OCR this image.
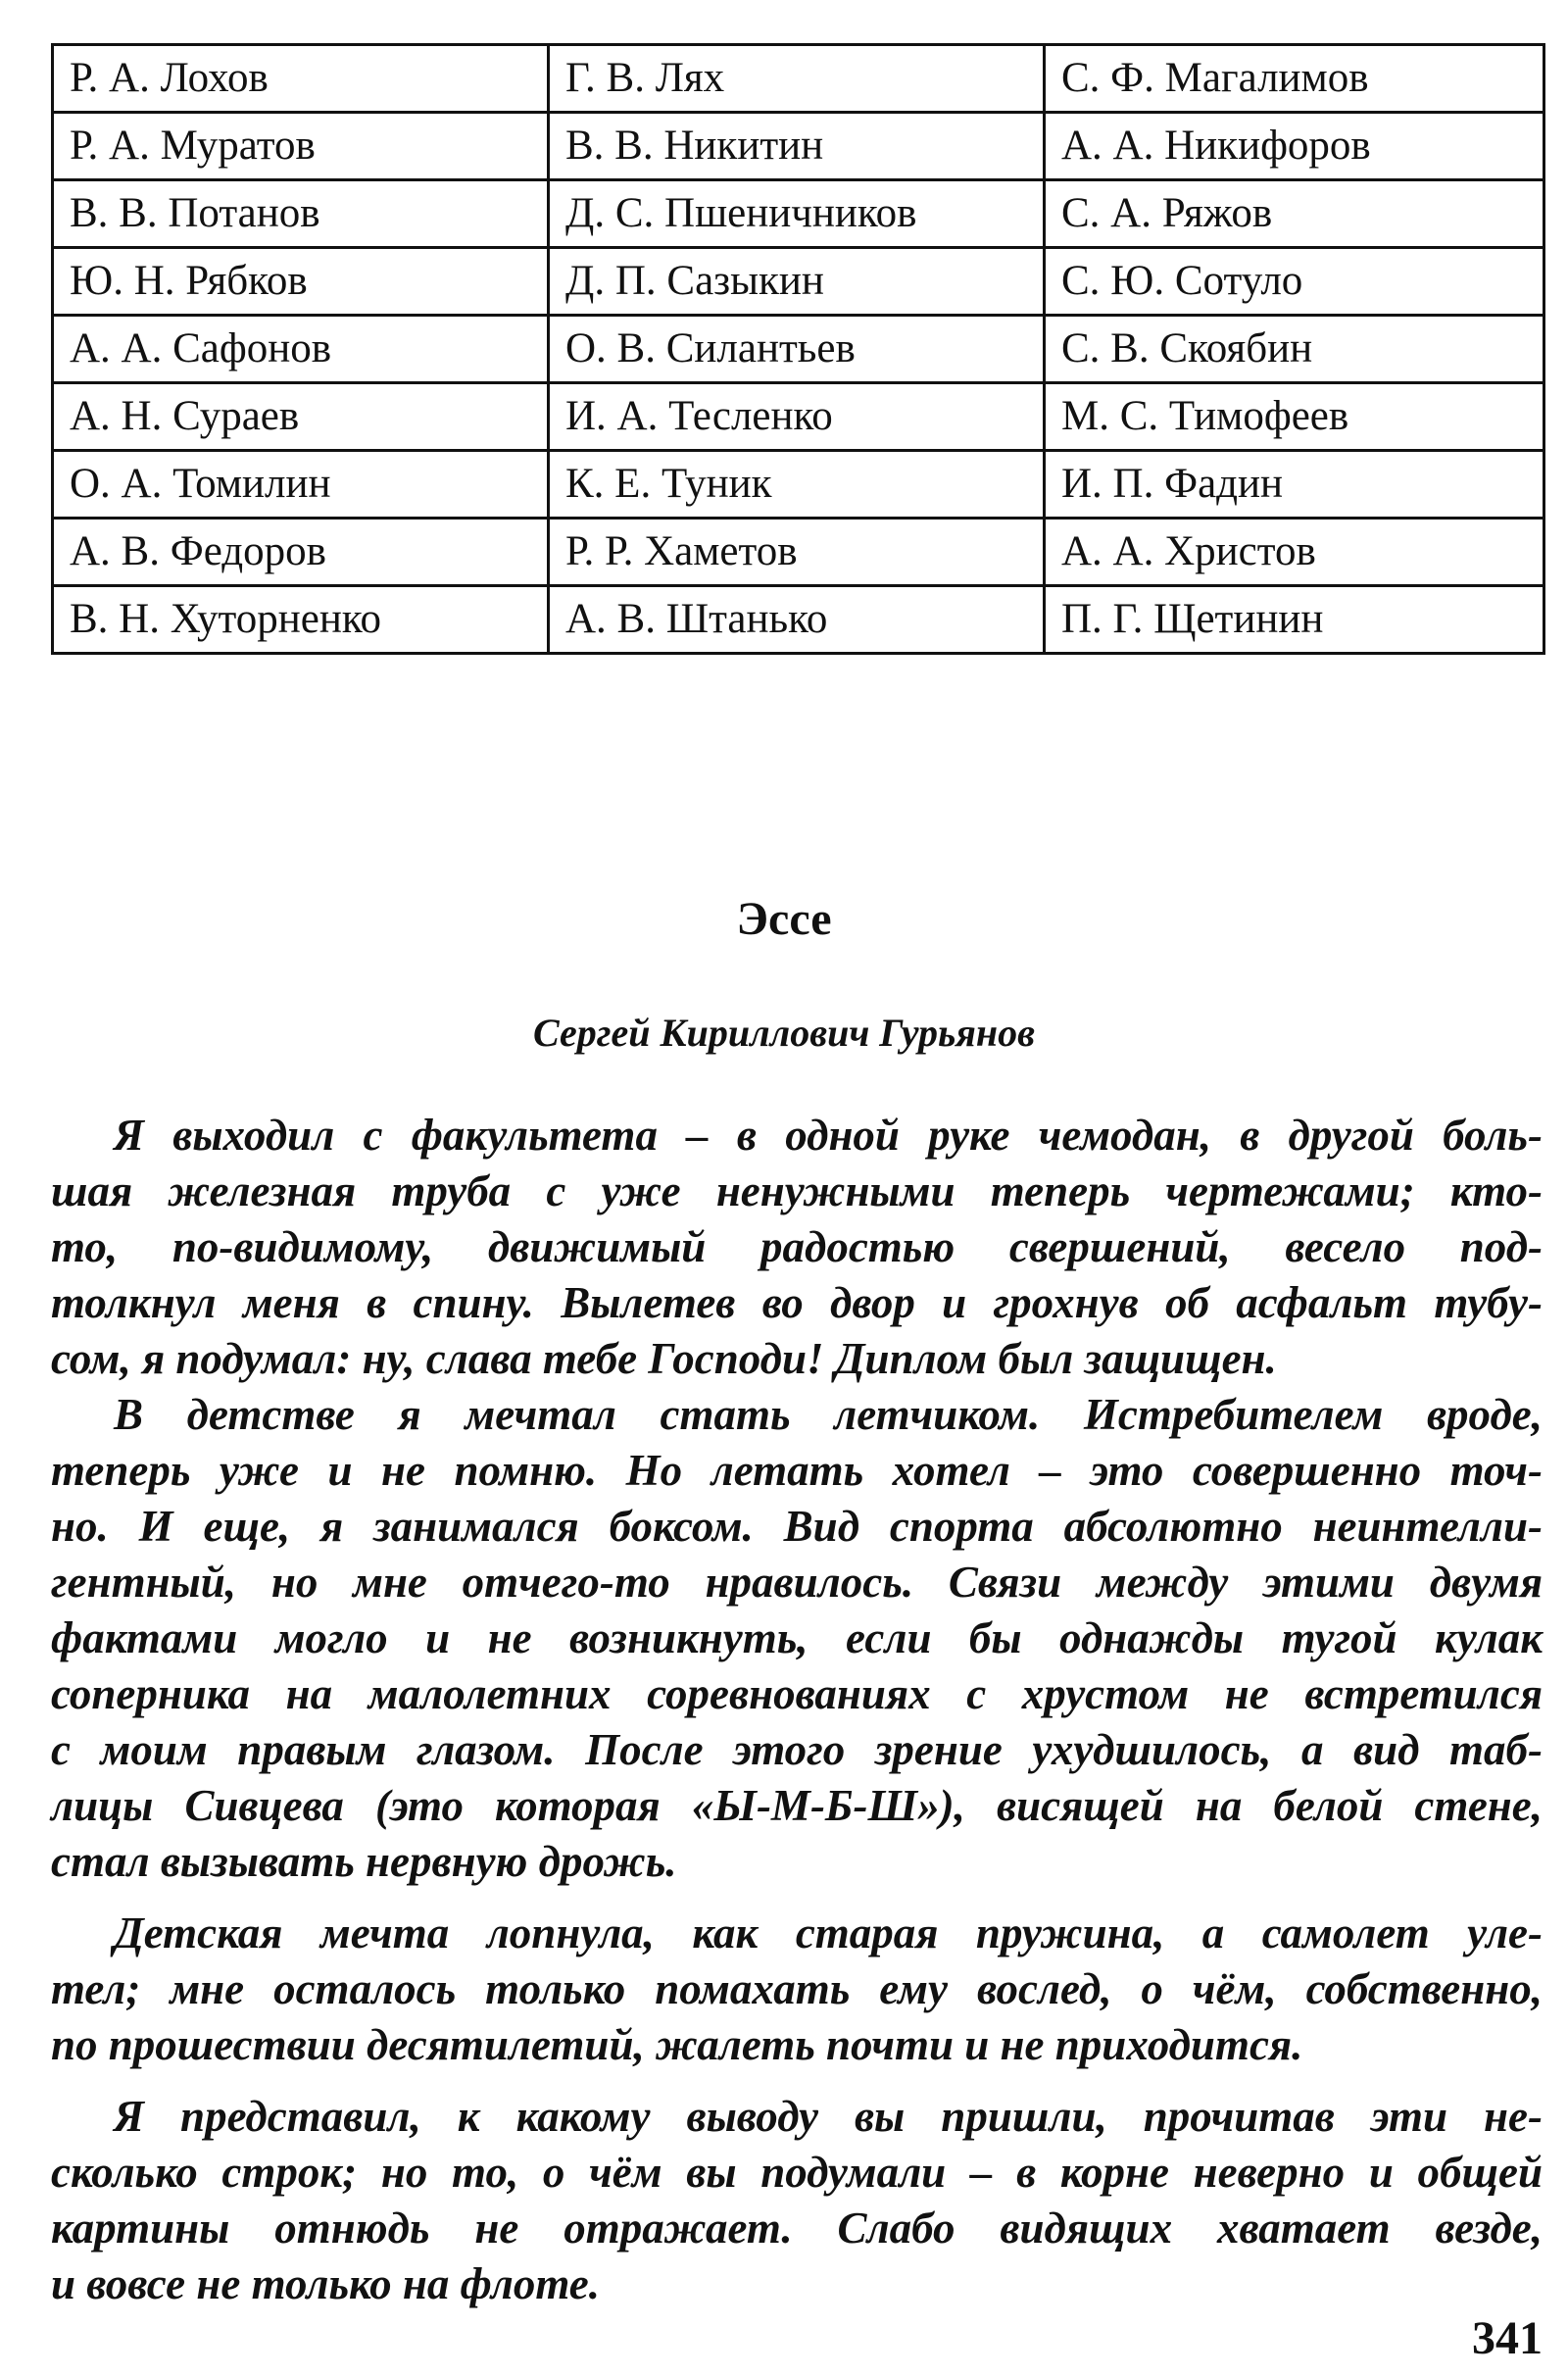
Р. А. Лохов	Г. В. Лях	С. Ф. Магалимов
Р. А. Муратов	В. В. Никитин	А. А. Никифоров
В. В. Потанов	Д. С. Пшеничников	С. А. Ряжов
Ю. Н. Рябков	Д. П. Сазыкин	С. Ю. Сотуло
А. А. Сафонов	О. В. Силантьев	С. В. Скоябин
А. Н. Сураев	И. А. Тесленко	М. С. Тимофеев
О. А. Томилин	К. Е. Туник	И. П. Фадин
А. В. Федоров	Р. Р. Хаметов	А. А. Христов
В. Н. Хуторненко	А. В. Штанько	П. Г. Щетинин
Эссе
Сергей Кириллович Гурьянов
Я выходил с факультета – в одной руке чемодан, в другой боль-
шая железная труба с уже ненужными теперь чертежами; кто-
то, по-видимому, движимый радостью свершений, весело под-
толкнул меня в спину. Вылетев во двор и грохнув об асфальт тубу-
сом, я подумал: ну, слава тебе Господи! Диплом был защищен.
В детстве я мечтал стать летчиком. Истребителем вроде,
теперь уже и не помню. Но летать хотел – это совершенно точ-
но. И еще, я занимался боксом. Вид спорта абсолютно неинтелли-
гентный, но мне отчего-то нравилось. Связи между этими двумя
фактами могло и не возникнуть, если бы однажды тугой кулак
соперника на малолетних соревнованиях с хрустом не встретился
с моим правым глазом. После этого зрение ухудшилось, а вид таб-
лицы Сивцева (это которая «Ы-М-Б-Ш»), висящей на белой стене,
стал вызывать нервную дрожь.
Детская мечта лопнула, как старая пружина, а самолет уле-
тел; мне осталось только помахать ему вослед, о чём, собственно,
по прошествии десятилетий, жалеть почти и не приходится.
Я представил, к какому выводу вы пришли, прочитав эти не-
сколько строк; но то, о чём вы подумали – в корне неверно и общей
картины отнюдь не отражает. Слабо видящих хватает везде,
и вовсе не только на флоте.
341
